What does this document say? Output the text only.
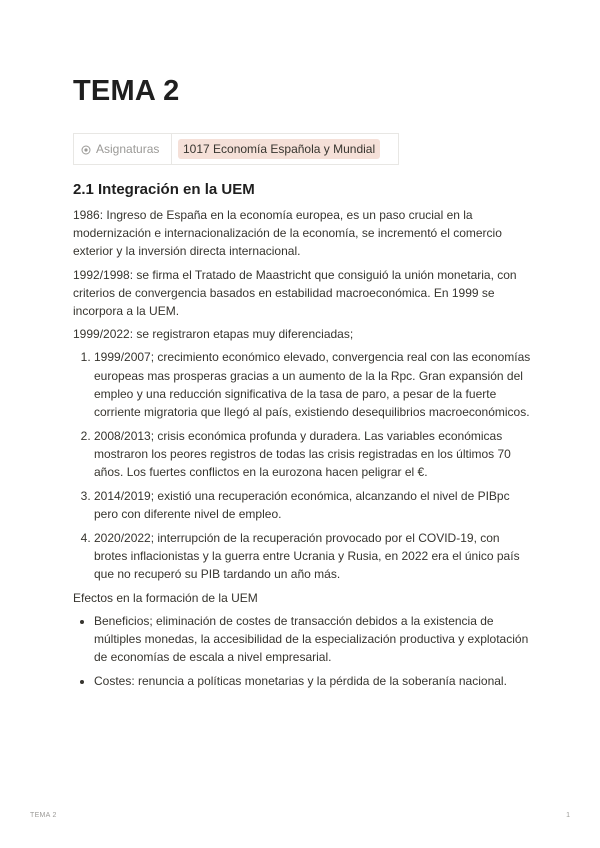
TEMA 2
Asignaturas	1017 Economía Española y Mundial
2.1 Integración en la UEM

1986: Ingreso de España en la economía europea, es un paso crucial en la modernización e internacionalización de la economía, se incrementó el comercio exterior y la inversión directa internacional.

1992/1998: se firma el Tratado de Maastricht que consiguió la unión monetaria, con criterios de convergencia basados en estabilidad macroeconómica. En 1999 se incorpora a la UEM.

1999/2022: se registraron etapas muy diferenciadas;

1. 1999/2007; crecimiento económico elevado, convergencia real con las economías europeas mas prosperas gracias a un aumento de la la Rpc. Gran expansión del empleo y una reducción significativa de la tasa de paro, a pesar de la fuerte corriente migratoria que llegó al país, existiendo desequilibrios macroeconómicos.
2. 2008/2013; crisis económica profunda y duradera. Las variables económicas mostraron los peores registros de todas las crisis registradas en los últimos 70 años. Los fuertes conflictos en la eurozona hacen peligrar el €.
3. 2014/2019; existió una recuperación económica, alcanzando el nivel de PIBpc pero con diferente nivel de empleo.
4. 2020/2022; interrupción de la recuperación provocado por el COVID-19, con brotes inflacionistas y la guerra entre Ucrania y Rusia, en 2022 era el único país que no recuperó su PIB tardando un año más.

Efectos en la formación de la UEM

• Beneficios; eliminación de costes de transacción debidos a la existencia de múltiples monedas, la accesibilidad de la especialización productiva y explotación de economías de escala a nivel empresarial.
• Costes: renuncia a políticas monetarias y la pérdida de la soberanía nacional.
TEMA 2	1
